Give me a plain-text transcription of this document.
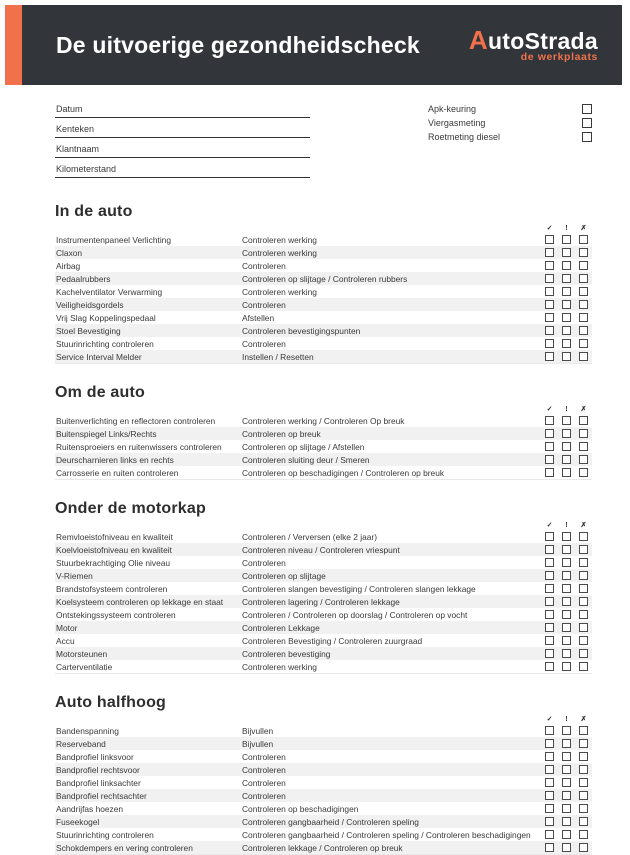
De uitvoerige gezondheidscheck AutoStrada
de werkplaats
Datum
Kenteken
Klantnaam
Kilometerstand
Apk-keuring
Viergasmeting
Roetmeting diesel
In de auto
✓	!	✗
Instrumentenpaneel Verlichting	Controleren werking
Claxon	Controleren werking
Airbag	Controleren
Pedaalrubbers	Controleren op slijtage / Controleren rubbers
Kachelventilator Verwarming	Controleren werking
Veiligheidsgordels	Controleren
Vrij Slag Koppelingspedaal	Afstellen
Stoel Bevestiging	Controleren bevestigingspunten
Stuurinrichting controleren	Controleren
Service Interval Melder	Instellen / Resetten
Om de auto
✓	!	✗
Buitenverlichting en reflectoren controleren	Controleren werking / Controleren Op breuk
Buitenspiegel Links/Rechts	Controleren op breuk
Ruitensproeiers en ruitenwissers controleren	Controleren op slijtage / Afstellen
Deurscharnieren links en rechts	Controleren sluiting deur / Smeren
Carrosserie en ruiten controleren	Controleren op beschadigingen / Controleren op breuk
Onder de motorkap
✓	!	✗
Remvloeistofniveau en kwaliteit	Controleren / Verversen (elke 2 jaar)
Koelvloeistofniveau en kwaliteit	Controleren niveau / Controleren vriespunt
Stuurbekrachtiging Olie niveau	Controleren
V-Riemen	Controleren op slijtage
Brandstofsysteem controleren	Controleren slangen bevestiging / Controleren slangen lekkage
Koelsysteem controleren op lekkage en staat	Controleren lagering / Controleren lekkage
Ontstekingssysteem controleren	Controleren / Controleren op doorslag / Controleren op vocht
Motor	Controleren Lekkage
Accu	Controleren Bevestiging / Controleren zuurgraad
Motorsteunen	Controleren bevestiging
Carterventilatie	Controleren werking
Auto halfhoog
✓	!	✗
Bandenspanning	Bijvullen
Reserveband	Bijvullen
Bandprofiel linksvoor	Controleren
Bandprofiel rechtsvoor	Controleren
Bandprofiel linksachter	Controleren
Bandprofiel rechtsachter	Controleren
Aandrijfas hoezen	Controleren op beschadigingen
Fuseekogel	Controleren gangbaarheid / Controleren speling
Stuurinrichting controleren	Controleren gangbaarheid / Controleren speling / Controleren beschadigingen
Schokdempers en vering controleren	Controleren lekkage / Controleren op breuk
